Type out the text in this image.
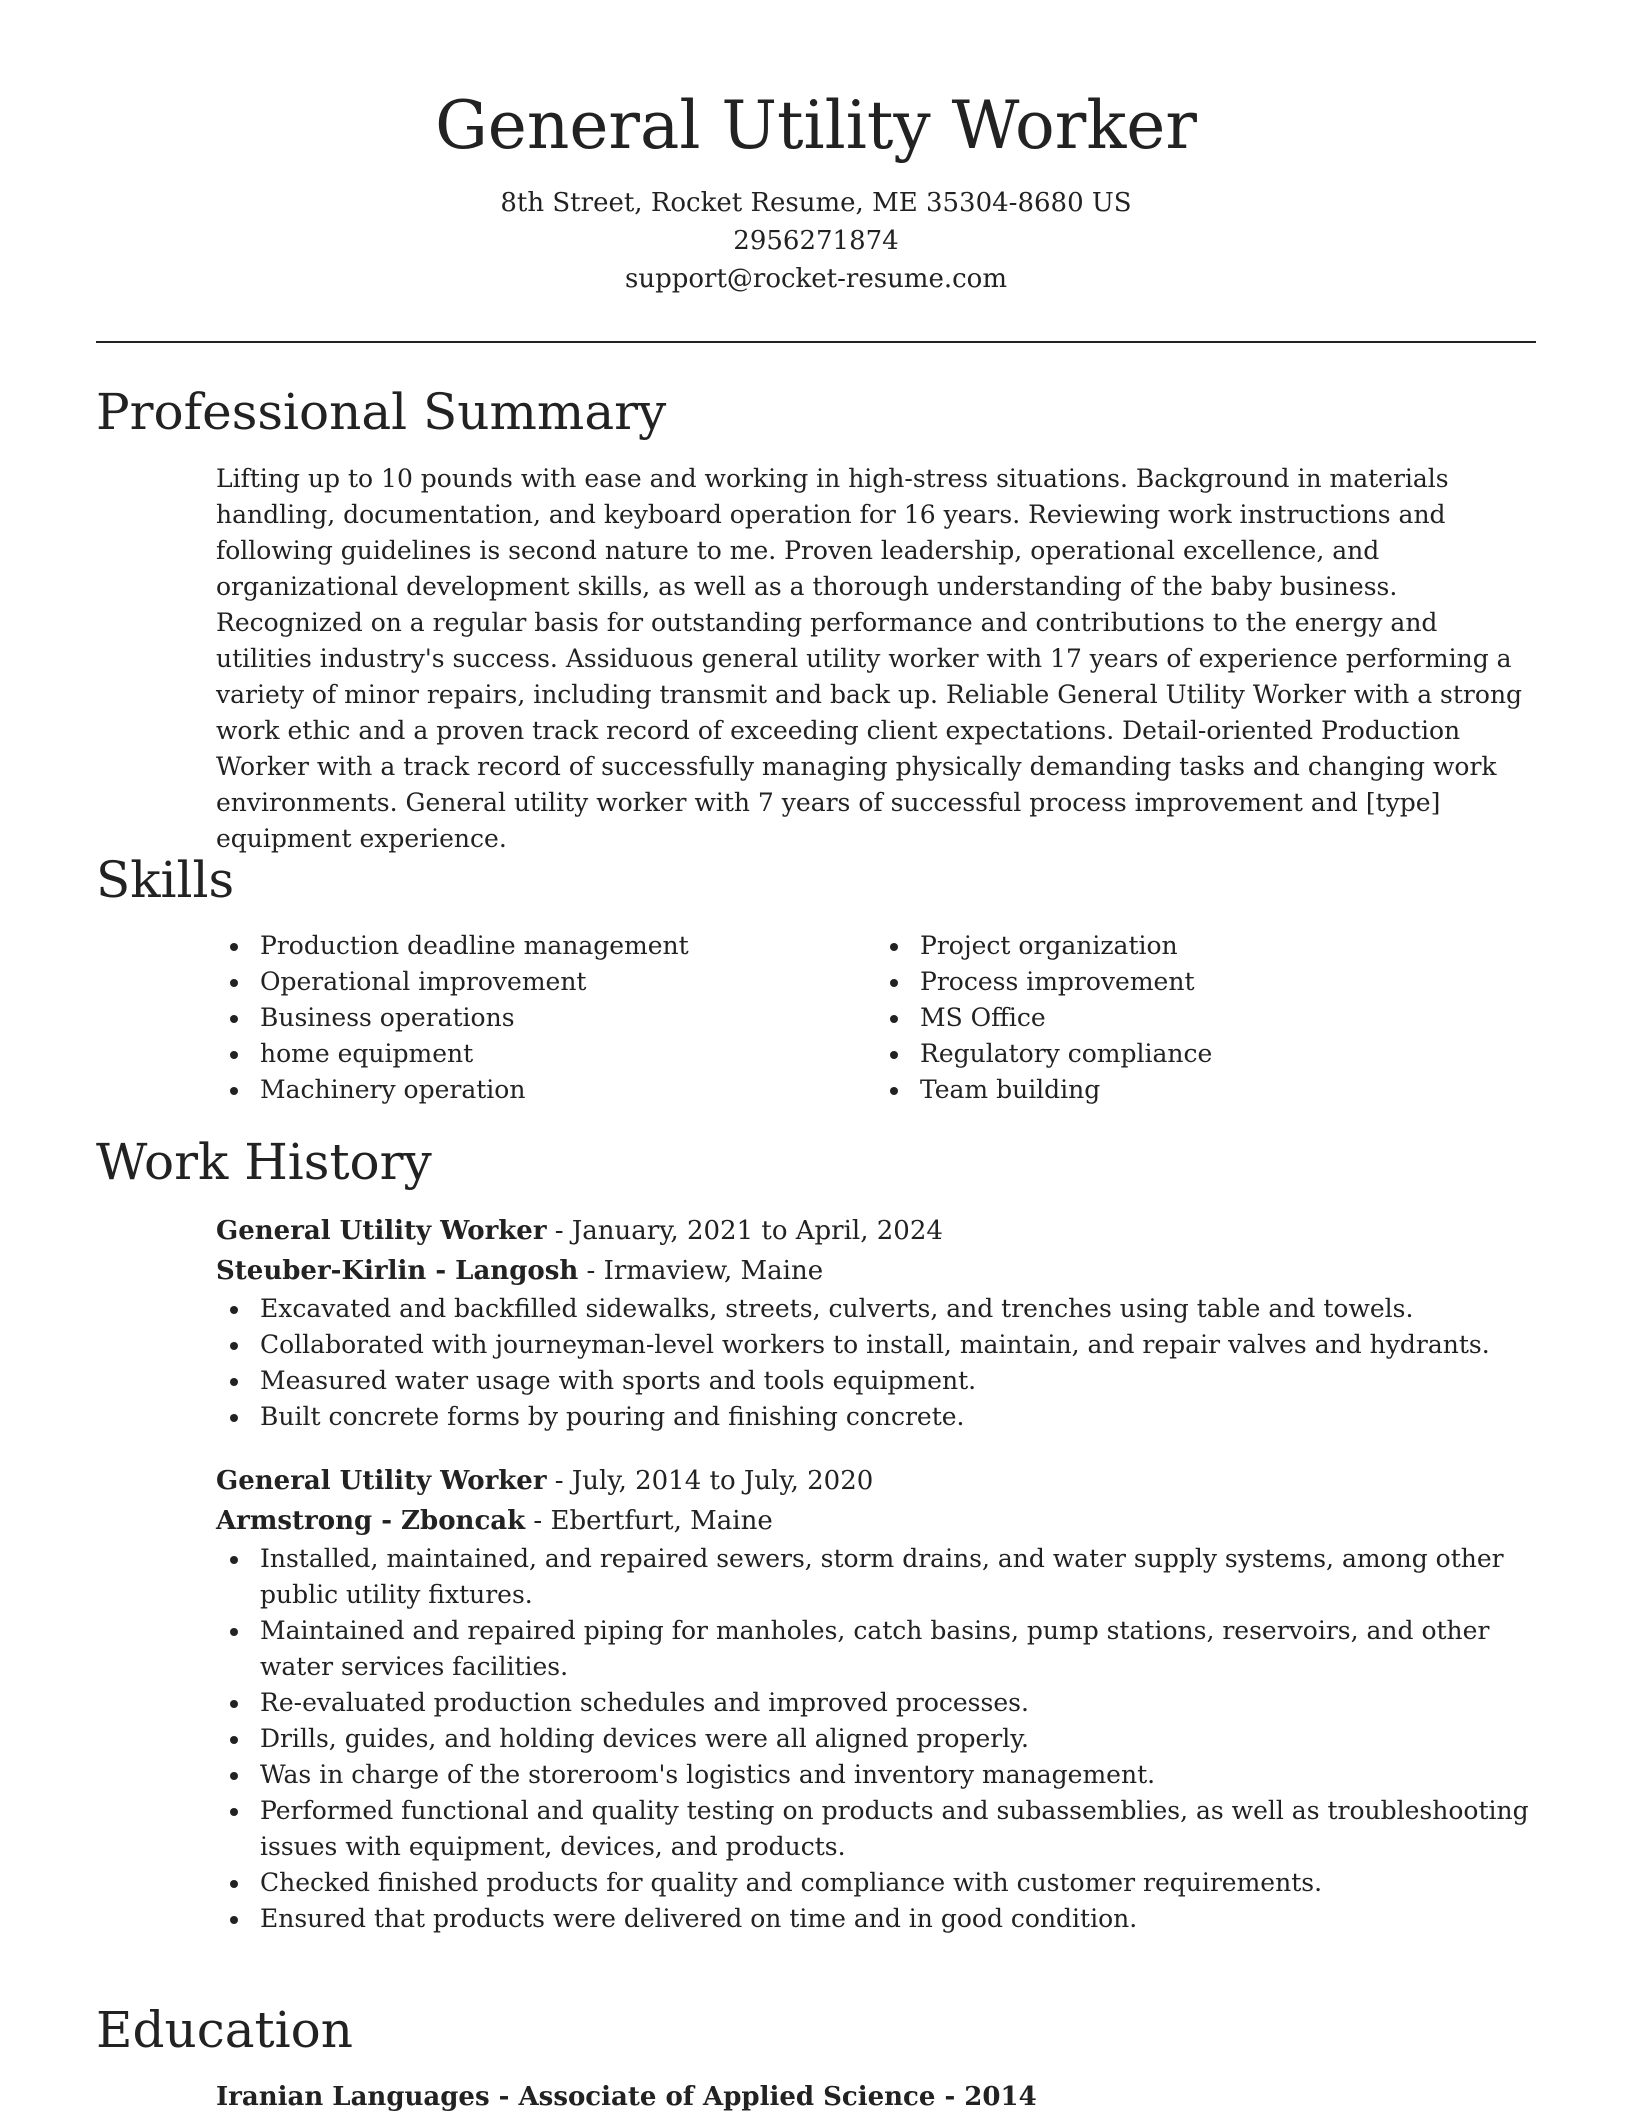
General Utility Worker

8th Street, Rocket Resume, ME 35304-8680 US

2956271874

support@rocket-resume.com

Professional Summary

Lifting up to 10 pounds with ease and working in high-stress situations. Background in materials handling, documentation, and keyboard operation for 16 years. Reviewing work instructions and following guidelines is second nature to me. Proven leadership, operational excellence, and organizational development skills, as well as a thorough understanding of the baby business. Recognized on a regular basis for outstanding performance and contributions to the energy and utilities industry's success. Assiduous general utility worker with 17 years of experience performing a variety of minor repairs, including transmit and back up. Reliable General Utility Worker with a strong work ethic and a proven track record of exceeding client expectations. Detail-oriented Production Worker with a track record of successfully managing physically demanding tasks and changing work environments. General utility worker with 7 years of successful process improvement and [type] equipment experience.

Skills
Production deadline management
Operational improvement
Business operations
home equipment
Machinery operation
Project organization
Process improvement
MS Office
Regulatory compliance
Team building
Work History

General Utility Worker - January, 2021 to April, 2024

Steuber-Kirlin - Langosh - Irmaview, Maine

Excavated and backfilled sidewalks, streets, culverts, and trenches using table and towels.
Collaborated with journeyman-level workers to install, maintain, and repair valves and hydrants.
Measured water usage with sports and tools equipment.
Built concrete forms by pouring and finishing concrete.

General Utility Worker - July, 2014 to July, 2020

Armstrong - Zboncak - Ebertfurt, Maine

Installed, maintained, and repaired sewers, storm drains, and water supply systems, among other public utility fixtures.
Maintained and repaired piping for manholes, catch basins, pump stations, reservoirs, and other water services facilities.
Re-evaluated production schedules and improved processes.
Drills, guides, and holding devices were all aligned properly.
Was in charge of the storeroom's logistics and inventory management.
Performed functional and quality testing on products and subassemblies, as well as troubleshooting issues with equipment, devices, and products.
Checked finished products for quality and compliance with customer requirements.
Ensured that products were delivered on time and in good condition.
Education

Iranian Languages - Associate of Applied Science - 2014
